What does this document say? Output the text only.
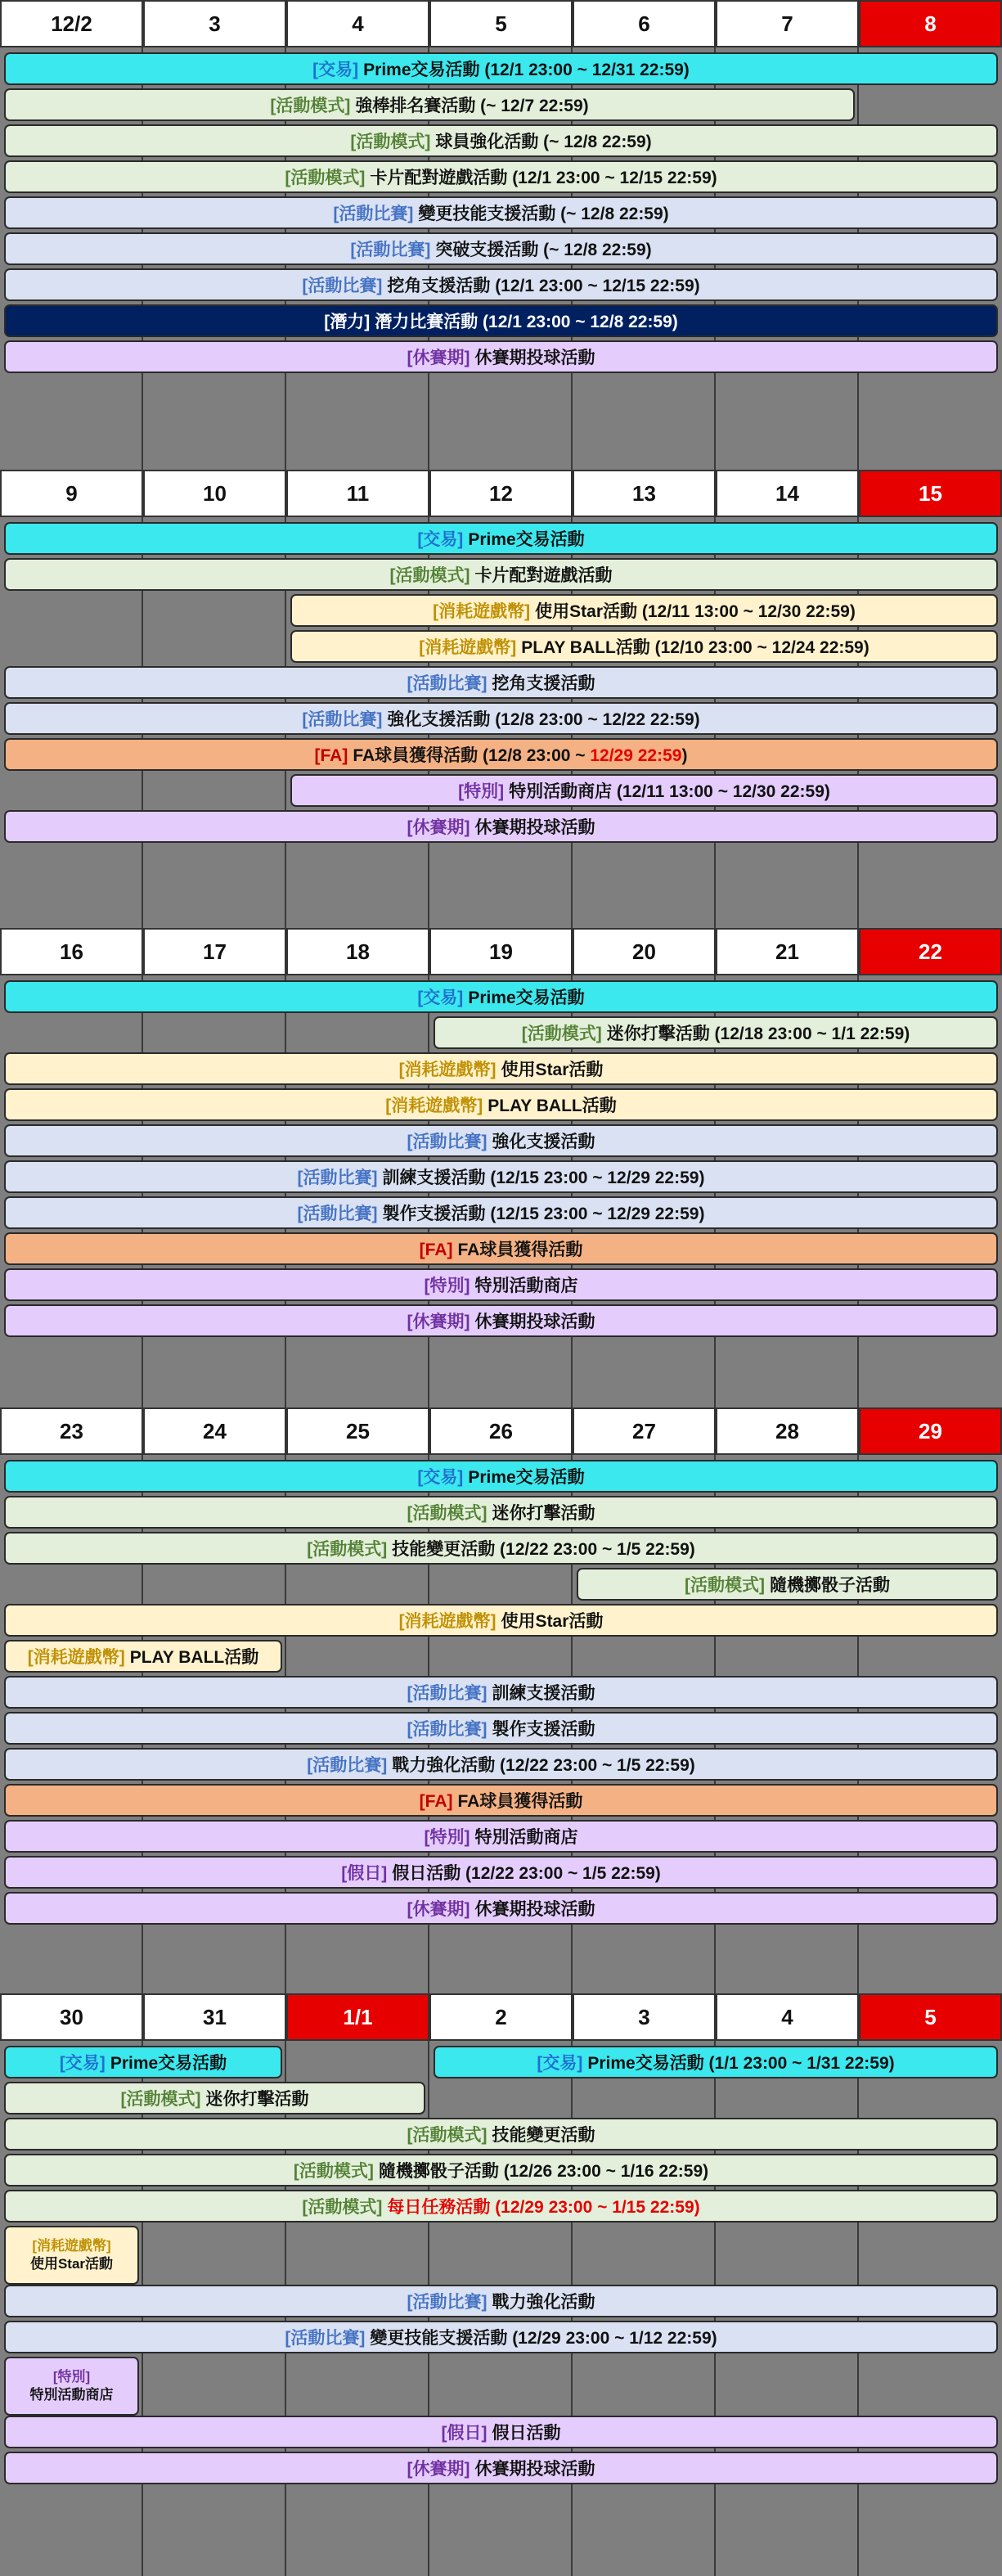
12/2	3	4	5	6	7	8
[交易] Prime交易活動 (12/1 23:00 ~ 12/31 22:59)
[活動模式] 強棒排名賽活動 (~ 12/7 22:59)
[活動模式] 球員強化活動 (~ 12/8 22:59)
[活動模式] 卡片配對遊戲活動 (12/1 23:00 ~ 12/15 22:59)
[活動比賽] 變更技能支援活動 (~ 12/8 22:59)
[活動比賽] 突破支援活動 (~ 12/8 22:59)
[活動比賽] 挖角支援活動 (12/1 23:00 ~ 12/15 22:59)
[潛力] 潛力比賽活動 (12/1 23:00 ~ 12/8 22:59)
[休賽期] 休賽期投球活動
9	10	11	12	13	14	15
[交易] Prime交易活動
[活動模式] 卡片配對遊戲活動
[消耗遊戲幣] 使用Star活動 (12/11 13:00 ~ 12/30 22:59)
[消耗遊戲幣] PLAY BALL活動 (12/10 23:00 ~ 12/24 22:59)
[活動比賽] 挖角支援活動
[活動比賽] 強化支援活動 (12/8 23:00 ~ 12/22 22:59)
[FA] FA球員獲得活動 (12/8 23:00 ~ 12/29 22:59)
[特別] 特別活動商店 (12/11 13:00 ~ 12/30 22:59)
[休賽期] 休賽期投球活動
16	17	18	19	20	21	22
[交易] Prime交易活動
[活動模式] 迷你打擊活動 (12/18 23:00 ~ 1/1 22:59)
[消耗遊戲幣] 使用Star活動
[消耗遊戲幣] PLAY BALL活動
[活動比賽] 強化支援活動
[活動比賽] 訓練支援活動 (12/15 23:00 ~ 12/29 22:59)
[活動比賽] 製作支援活動 (12/15 23:00 ~ 12/29 22:59)
[FA] FA球員獲得活動
[特別] 特別活動商店
[休賽期] 休賽期投球活動
23	24	25	26	27	28	29
[交易] Prime交易活動
[活動模式] 迷你打擊活動
[活動模式] 技能變更活動 (12/22 23:00 ~ 1/5 22:59)
[活動模式] 隨機擲骰子活動
[消耗遊戲幣] 使用Star活動
[消耗遊戲幣] PLAY BALL活動
[活動比賽] 訓練支援活動
[活動比賽] 製作支援活動
[活動比賽] 戰力強化活動 (12/22 23:00 ~ 1/5 22:59)
[FA] FA球員獲得活動
[特別] 特別活動商店
[假日] 假日活動 (12/22 23:00 ~ 1/5 22:59)
[休賽期] 休賽期投球活動
30	31	1/1	2	3	4	5
[交易] Prime交易活動	[交易] Prime交易活動 (1/1 23:00 ~ 1/31 22:59)
[活動模式] 迷你打擊活動
[活動模式] 技能變更活動
[活動模式] 隨機擲骰子活動 (12/26 23:00 ~ 1/16 22:59)
[活動模式] 每日任務活動 (12/29 23:00 ~ 1/15 22:59)
[消耗遊戲幣]
使用Star活動
[活動比賽] 戰力強化活動
[活動比賽] 變更技能支援活動 (12/29 23:00 ~ 1/12 22:59)
[特別]
特別活動商店
[假日] 假日活動
[休賽期] 休賽期投球活動
